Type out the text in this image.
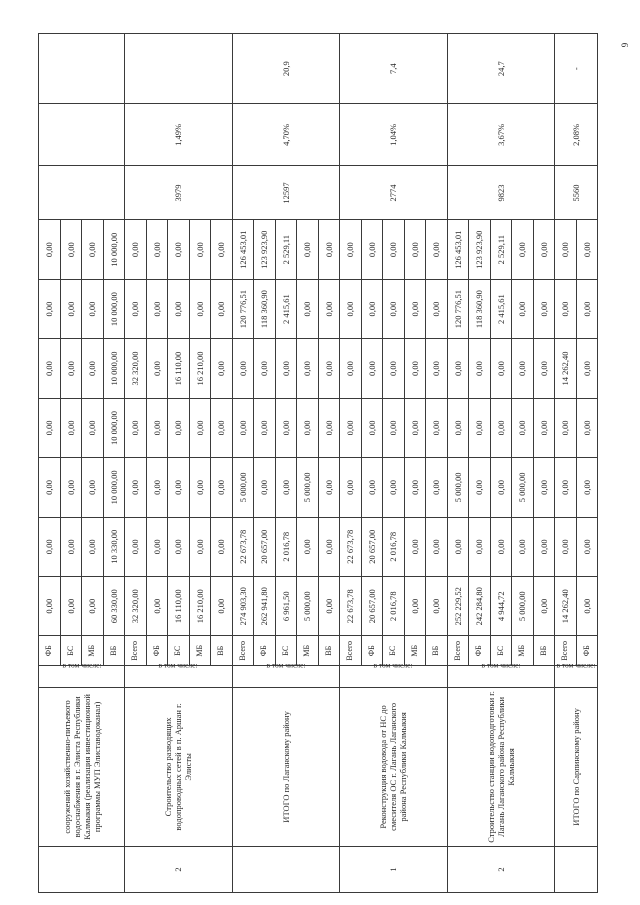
6
	сооружений хозяйственно-питьевого водоснабжения в г. Элиста Республики Калмыкия (реализация инвестиционной программы МУП Элиставодоканал)	в том числе:	ФБ	0,00	0,00	0,00	0,00	0,00	0,00	0,00			
			БС	0,00	0,00	0,00	0,00	0,00	0,00	0,00			
			МБ	0,00	0,00	0,00	0,00	0,00	0,00	0,00			
			ВБ	60 330,00	10 330,00	10 000,00	10 000,00	10 000,00	10 000,00	10 000,00			
2	Строительство разводящих водопроводных сетей в п. Аршан г. Элисты	в том числе:	Всего	32 320,00	0,00	0,00	0,00	32 320,00	0,00	0,00	3979	1,49%	
			ФБ	0,00	0,00	0,00	0,00	0,00	0,00	0,00			
			БС	16 110,00	0,00	0,00	0,00	16 110,00	0,00	0,00			
			МБ	16 210,00	0,00	0,00	0,00	16 210,00	0,00	0,00			
			ВБ	0,00	0,00	0,00	0,00	0,00	0,00	0,00			
	ИТОГО по Лаганскому району	в том числе:	Всего	274 903,30	22 673,78	5 000,00	0,00	0,00	120 776,51	126 453,01	12597	4,70%	20,9
			ФБ	262 941,80	20 657,00	0,00	0,00	0,00	118 360,90	123 923,90			
			БС	6 961,50	2 016,78	0,00	0,00	0,00	2 415,61	2 529,11			
			МБ	5 000,00	0,00	5 000,00	0,00	0,00	0,00	0,00			
			ВБ	0,00	0,00	0,00	0,00	0,00	0,00	0,00			
1	Реконструкция водовода от НС до смесителя ОС г. Лагань Лаганского района Республики Калмыкия	в том числе:	Всего	22 673,78	22 673,78	0,00	0,00	0,00	0,00	0,00	2774	1,04%	7,4
			ФБ	20 657,00	20 657,00	0,00	0,00	0,00	0,00	0,00			
			БС	2 016,78	2 016,78	0,00	0,00	0,00	0,00	0,00			
			МБ	0,00	0,00	0,00	0,00	0,00	0,00	0,00			
			ВБ	0,00	0,00	0,00	0,00	0,00	0,00	0,00			
2	Строительство станции водоподготовки г. Лагань Лаганского района Республики Калмыкия	в том числе:	Всего	252 229,52	0,00	5 000,00	0,00	0,00	120 776,51	126 453,01	9823	3,67%	24,7
			ФБ	242 284,80	0,00	0,00	0,00	0,00	118 360,90	123 923,90			
			БС	4 944,72	0,00	0,00	0,00	0,00	2 415,61	2 529,11			
			МБ	5 000,00	0,00	5 000,00	0,00	0,00	0,00	0,00			
			ВБ	0,00	0,00	0,00	0,00	0,00	0,00	0,00			
	ИТОГО по Сарпинскому району	в том числе:	Всего	14 262,40	0,00	0,00	0,00	14 262,40	0,00	0,00	5560	2,08%	-
			ФБ	0,00	0,00	0,00	0,00	0,00	0,00	0,00			
